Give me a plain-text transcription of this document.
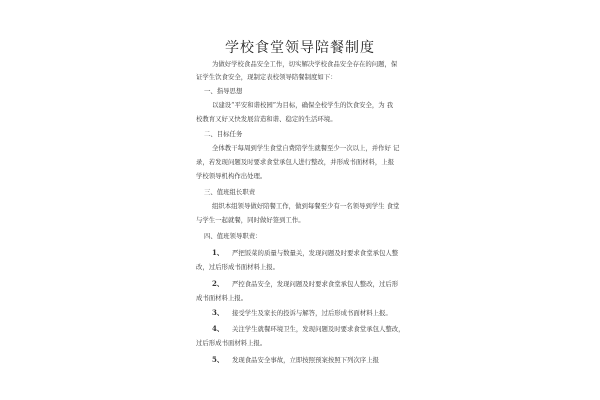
学校食堂领导陪餐制度
为做好学校食品安全工作，切实解决学校食品安全存在的问题，保
证学生饮食安全，现制定表校领导陪餐制度如下：
一、指导思想
以建设“平安和谐校园”为目标，确保全校学生的饮食安全，为 我
校教育又好又快发展营造和谐、稳定的生活环境。
二、目标任务
全体教干每周到学生食堂自费陪学生就餐至少一次以上，并作好 记
录，若发现问题及时要求食堂承包人进行整改，并形成书面材料，上报
学校领导机构作出处理。
三、值班组长职责
组织本组领导做好陪餐工作，做到每餐至少有一名领导到学生 食堂
与学生一起就餐，同时做好签到工作。
四、值班领导职责：
1、 严把饭菜的质量与数量关，发现问题及时要求食堂承包人整
改，过后形成书面材料上报。
2、 严控食品安全，发现问题及时要求食堂承包人整改，过后形
成书面材料上报。
3、 接受学生及家长的投诉与解答，过后形成书面材料上报。
4、 关注学生就餐环境卫生，发现问题及时要求食堂承包人整改，
过后形成书面材料上报。
5、 发现食品安全事故，立即按照预案按照下列次序上报
